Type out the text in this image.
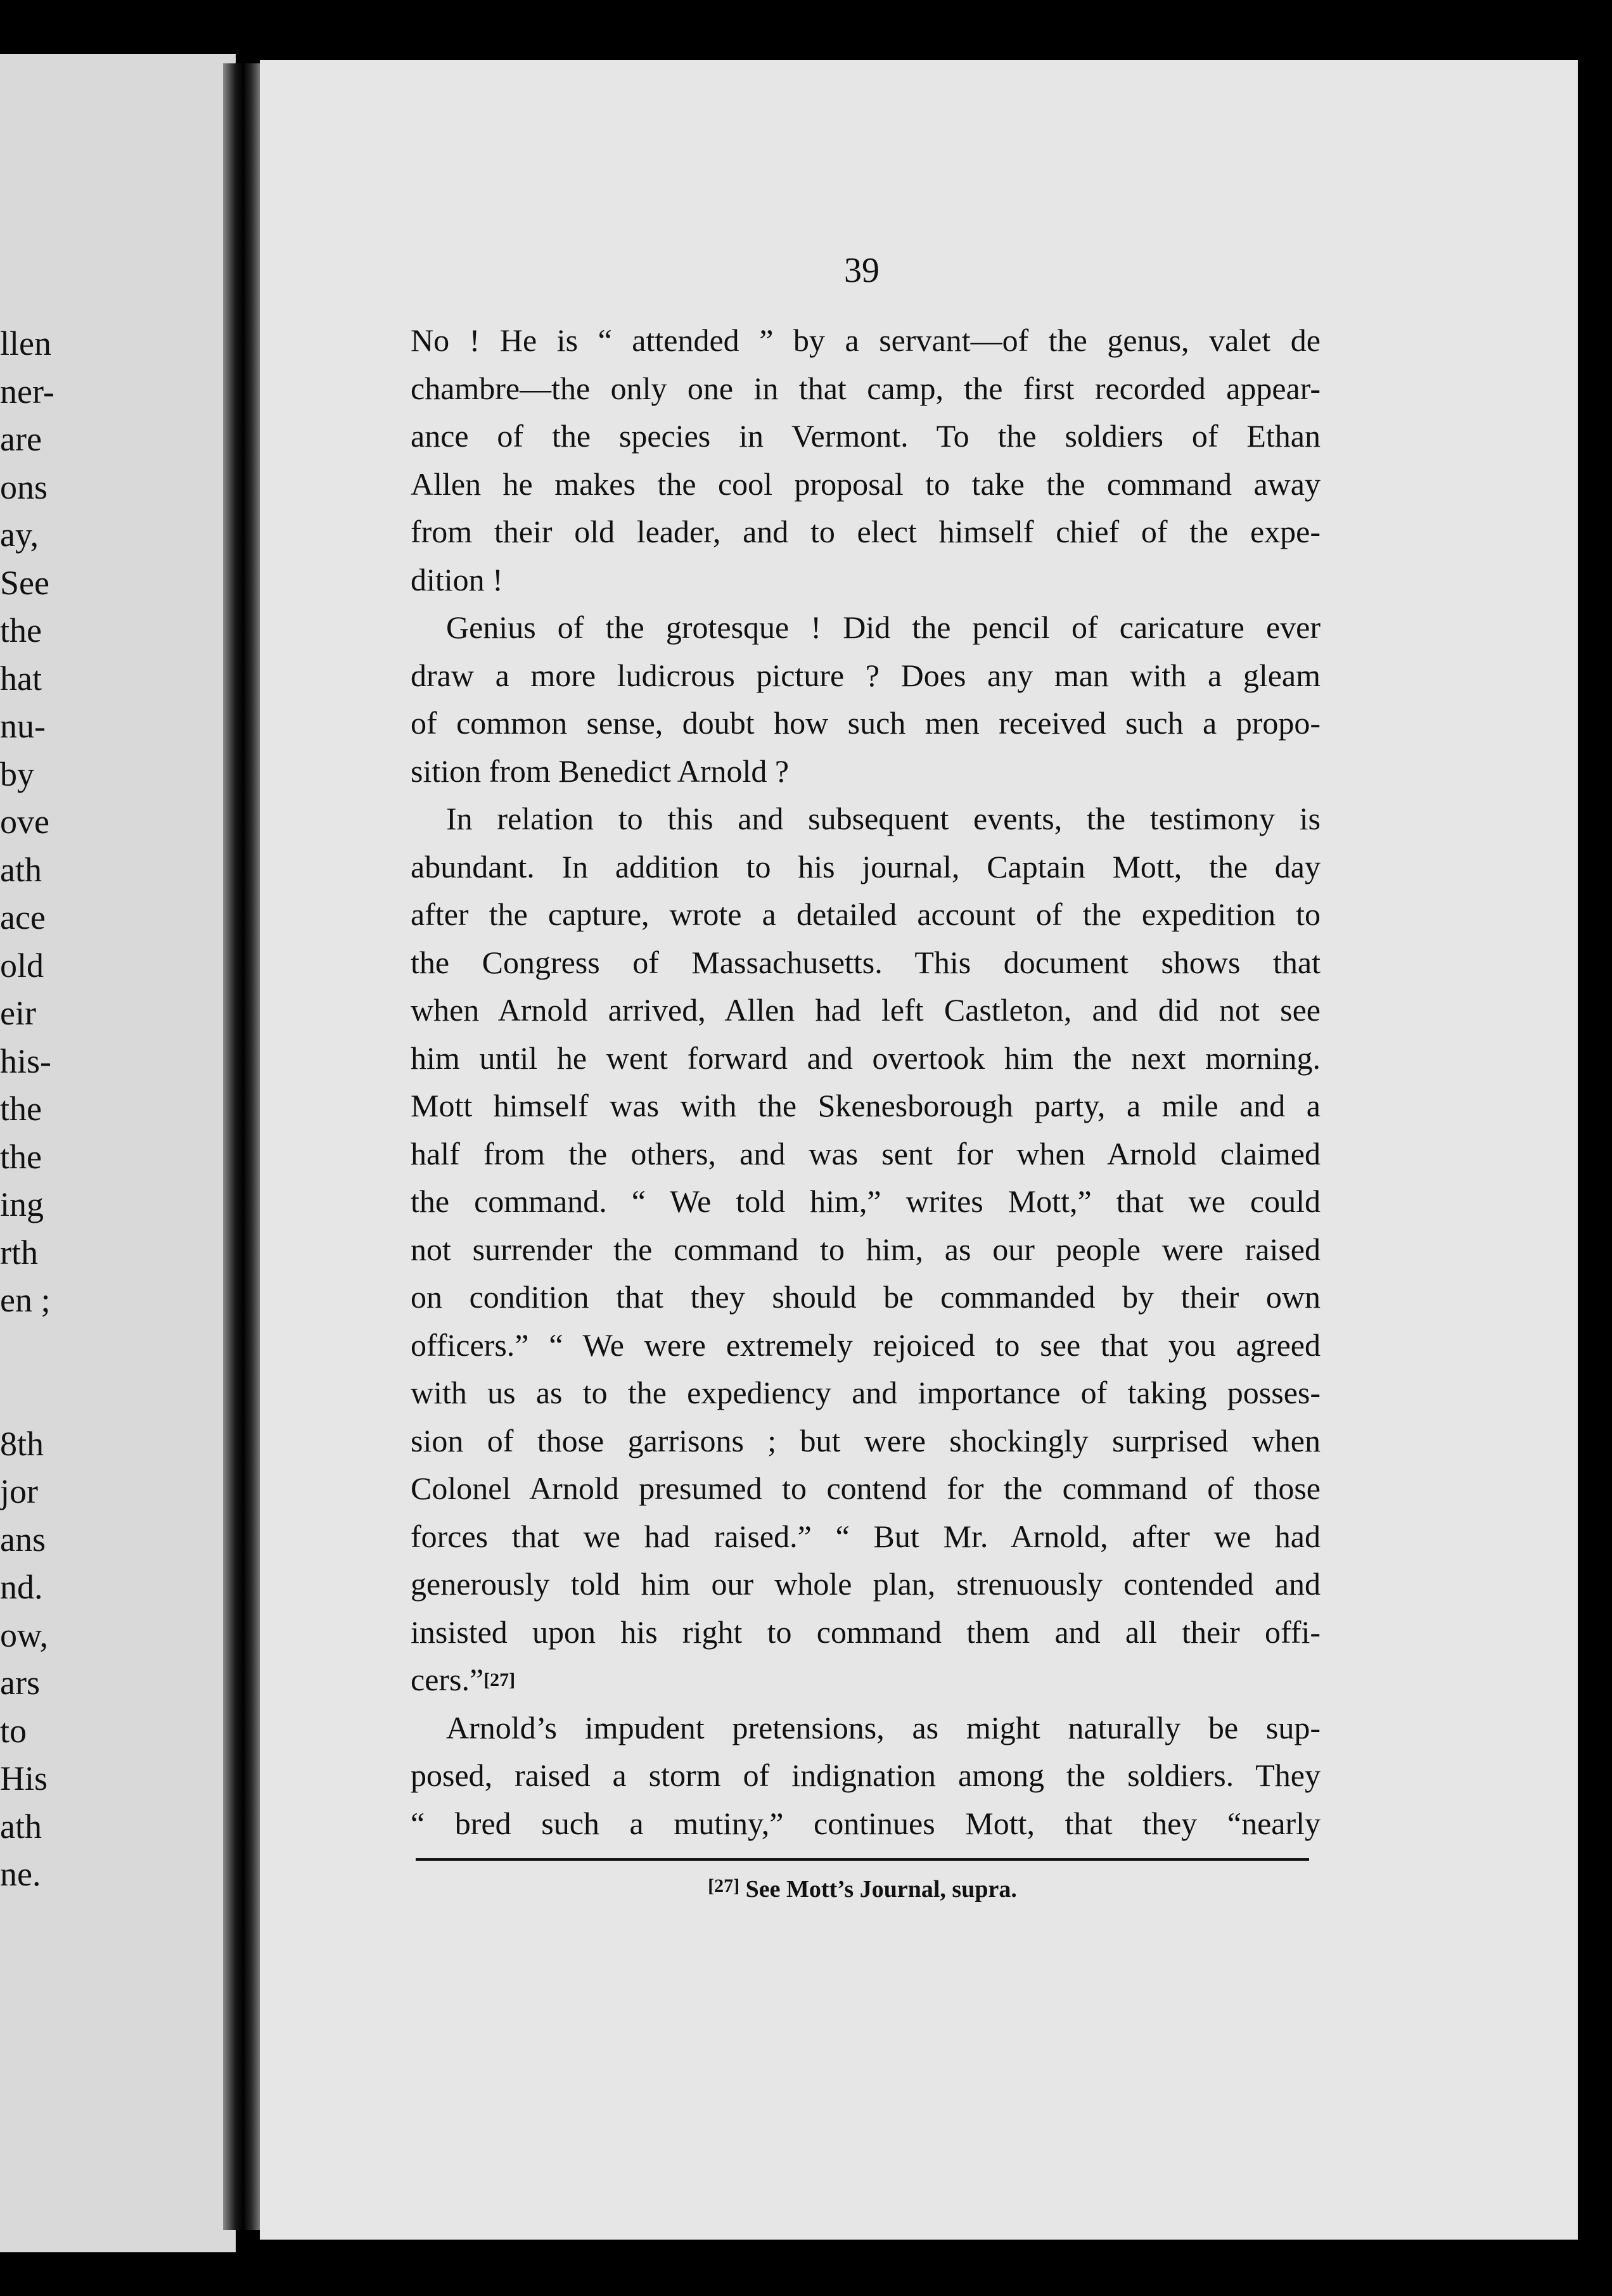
llen
ner-
are
ons
ay,
See
the
hat
nu-
by
ove
ath
ace
old
eir
his-
the
the
ing
rth
en ;
8th
jor
ans
nd.
ow,
ars
to
His
ath
ne.
39
No ! He is “ attended ” by a servant—of the genus, valet de
chambre—the only one in that camp, the first recorded appear-
ance of the species in Vermont. To the soldiers of Ethan
Allen he makes the cool proposal to take the command away
from their old leader, and to elect himself chief of the expe-
dition !
Genius of the grotesque ! Did the pencil of caricature ever
draw a more ludicrous picture ? Does any man with a gleam
of common sense, doubt how such men received such a propo-
sition from Benedict Arnold ?
In relation to this and subsequent events, the testimony is
abundant. In addition to his journal, Captain Mott, the day
after the capture, wrote a detailed account of the expedition to
the Congress of Massachusetts. This document shows that
when Arnold arrived, Allen had left Castleton, and did not see
him until he went forward and overtook him the next morning.
Mott himself was with the Skenesborough party, a mile and a
half from the others, and was sent for when Arnold claimed
the command. “ We told him,” writes Mott,” that we could
not surrender the command to him, as our people were raised
on condition that they should be commanded by their own
officers.” “ We were extremely rejoiced to see that you agreed
with us as to the expediency and importance of taking posses-
sion of those garrisons ; but were shockingly surprised when
Colonel Arnold presumed to contend for the command of those
forces that we had raised.” “ But Mr. Arnold, after we had
generously told him our whole plan, strenuously contended and
insisted upon his right to command them and all their offi-
cers.”[27]
Arnold’s impudent pretensions, as might naturally be sup-
posed, raised a storm of indignation among the soldiers. They
“ bred such a mutiny,” continues Mott, that they “nearly
[27] See Mott’s Journal, supra.
